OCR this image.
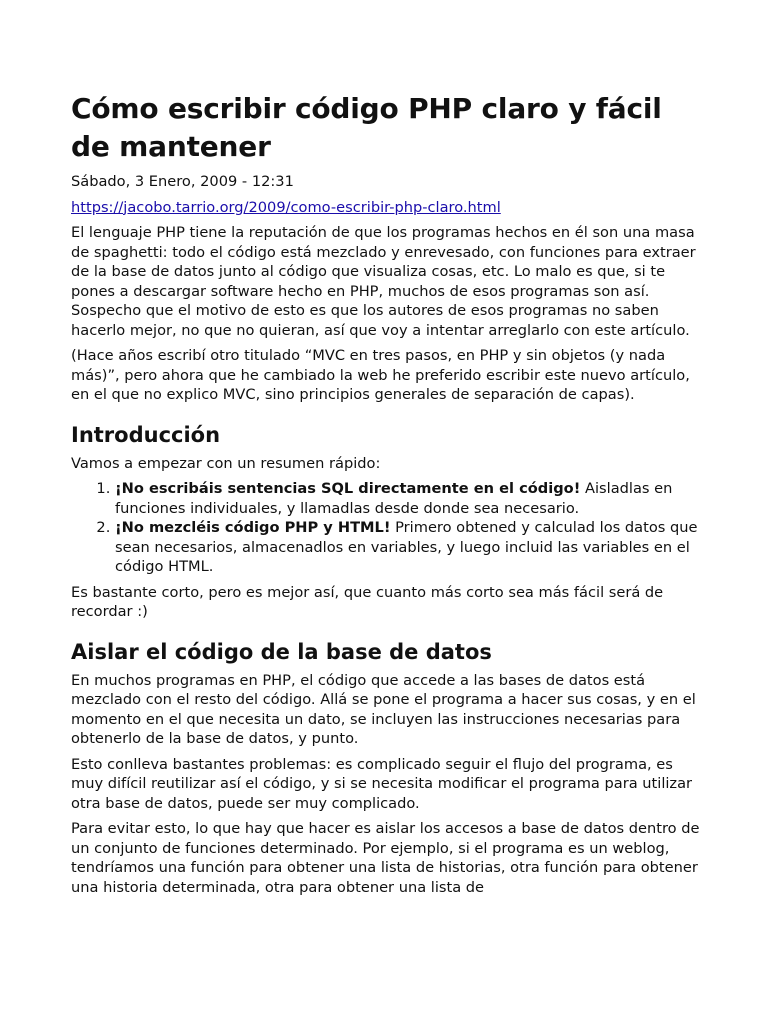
Cómo escribir código PHP claro y fácil de mantener

Sábado, 3 Enero, 2009 - 12:31

https://jacobo.tarrio.org/2009/como-escribir-php-claro.html

El lenguaje PHP tiene la reputación de que los programas hechos en él son una masa de spaghetti: todo el código está mezclado y enrevesado, con funciones para extraer de la base de datos junto al código que visualiza cosas, etc. Lo malo es que, si te pones a descargar software hecho en PHP, muchos de esos programas son así. Sospecho que el motivo de esto es que los autores de esos programas no saben hacerlo mejor, no que no quieran, así que voy a intentar arreglarlo con este artículo.

(Hace años escribí otro titulado “MVC en tres pasos, en PHP y sin objetos (y nada más)”, pero ahora que he cambiado la web he preferido escribir este nuevo artículo, en el que no explico MVC, sino principios generales de separación de capas).

Introducción

Vamos a empezar con un resumen rápido:

1. ¡No escribáis sentencias SQL directamente en el código! Aisladlas en funciones individuales, y llamadlas desde donde sea necesario.
2. ¡No mezcléis código PHP y HTML! Primero obtened y calculad los datos que sean necesarios, almacenadlos en variables, y luego incluid las variables en el código HTML.

Es bastante corto, pero es mejor así, que cuanto más corto sea más fácil será de recordar :)

Aislar el código de la base de datos

En muchos programas en PHP, el código que accede a las bases de datos está mezclado con el resto del código. Allá se pone el programa a hacer sus cosas, y en el momento en el que necesita un dato, se incluyen las instrucciones necesarias para obtenerlo de la base de datos, y punto.

Esto conlleva bastantes problemas: es complicado seguir el flujo del programa, es muy difícil reutilizar así el código, y si se necesita modificar el programa para utilizar otra base de datos, puede ser muy complicado.

Para evitar esto, lo que hay que hacer es aislar los accesos a base de datos dentro de un conjunto de funciones determinado. Por ejemplo, si el programa es un weblog, tendríamos una función para obtener una lista de historias, otra función para obtener una historia determinada, otra para obtener una lista de
